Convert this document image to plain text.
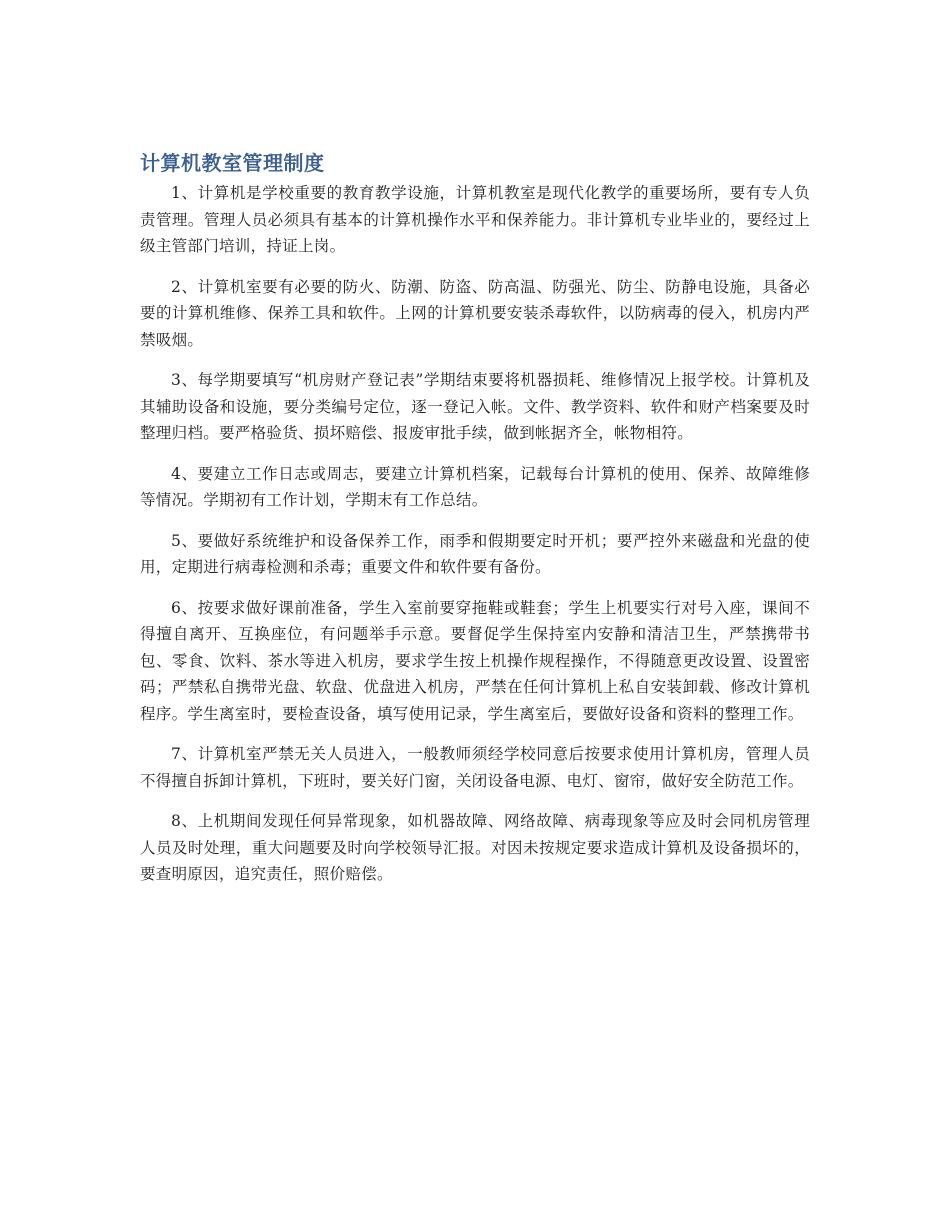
计算机教室管理制度

1、计算机是学校重要的教育教学设施，计算机教室是现代化教学的重要场所，要有专人负责管理。管理人员必须具有基本的计算机操作水平和保养能力。非计算机专业毕业的，要经过上级主管部门培训，持证上岗。

2、计算机室要有必要的防火、防潮、防盗、防高温、防强光、防尘、防静电设施，具备必要的计算机维修、保养工具和软件。上网的计算机要安装杀毒软件，以防病毒的侵入，机房内严禁吸烟。

3、每学期要填写“机房财产登记表”学期结束要将机器损耗、维修情况上报学校。计算机及其辅助设备和设施，要分类编号定位，逐一登记入帐。文件、教学资料、软件和财产档案要及时整理归档。要严格验货、损坏赔偿、报废审批手续，做到帐据齐全，帐物相符。

4、要建立工作日志或周志，要建立计算机档案，记载每台计算机的使用、保养、故障维修等情况。学期初有工作计划，学期末有工作总结。

5、要做好系统维护和设备保养工作，雨季和假期要定时开机；要严控外来磁盘和光盘的使用，定期进行病毒检测和杀毒；重要文件和软件要有备份。

6、按要求做好课前准备，学生入室前要穿拖鞋或鞋套；学生上机要实行对号入座，课间不得擅自离开、互换座位，有问题举手示意。要督促学生保持室内安静和清洁卫生，严禁携带书包、零食、饮料、茶水等进入机房，要求学生按上机操作规程操作，不得随意更改设置、设置密码；严禁私自携带光盘、软盘、优盘进入机房，严禁在任何计算机上私自安装卸载、修改计算机程序。学生离室时，要检查设备，填写使用记录，学生离室后，要做好设备和资料的整理工作。

7、计算机室严禁无关人员进入，一般教师须经学校同意后按要求使用计算机房，管理人员不得擅自拆卸计算机，下班时，要关好门窗，关闭设备电源、电灯、窗帘，做好安全防范工作。

8、上机期间发现任何异常现象，如机器故障、网络故障、病毒现象等应及时会同机房管理人员及时处理，重大问题要及时向学校领导汇报。对因未按规定要求造成计算机及设备损坏的，要查明原因，追究责任，照价赔偿。
